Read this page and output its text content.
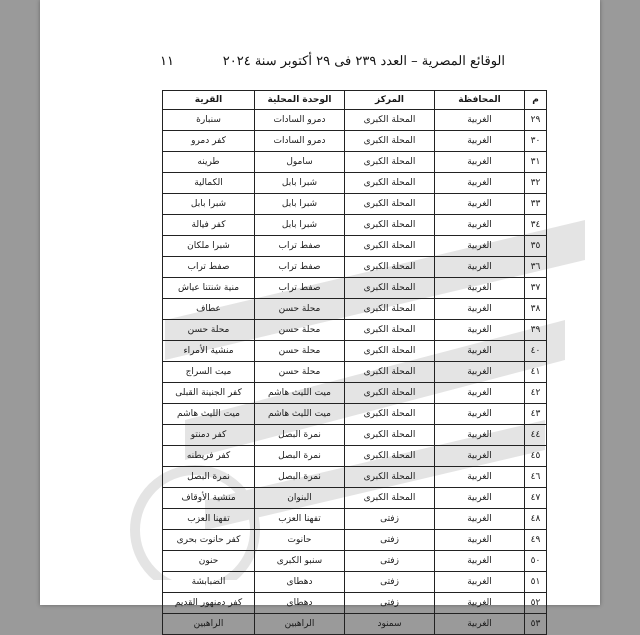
الوقائع المصرية – العدد ٢٣٩ فى ٢٩ أكتوبر سنة ٢٠٢٤
١١
م	المحافظة	المركز	الوحدة المحلية	القرية
٢٩	الغربية	المحلة الكبرى	دمرو السادات	سنبارة
٣٠	الغربية	المحلة الكبرى	دمرو السادات	كفر دمرو
٣١	الغربية	المحلة الكبرى	سامول	طرينه
٣٢	الغربية	المحلة الكبرى	شبرا بابل	الكمالية
٣٣	الغربية	المحلة الكبرى	شبرا بابل	شبرا بابل
٣٤	الغربية	المحلة الكبرى	شبرا بابل	كفر فيالة
٣٥	الغربية	المحلة الكبرى	صفط تراب	شبرا ملكان
٣٦	الغربية	المحلة الكبرى	صفط تراب	صفط تراب
٣٧	الغربية	المحلة الكبرى	صفط تراب	منية شنتنا عياش
٣٨	الغربية	المحلة الكبرى	محلة حسن	عطاف
٣٩	الغربية	المحلة الكبرى	محلة حسن	محلة حسن
٤٠	الغربية	المحلة الكبرى	محلة حسن	منشية الأمراء
٤١	الغربية	المحلة الكبرى	محلة حسن	ميت السراج
٤٢	الغربية	المحلة الكبرى	ميت الليث هاشم	كفر الجنينة القبلى
٤٣	الغربية	المحلة الكبرى	ميت الليث هاشم	ميت الليث هاشم
٤٤	الغربية	المحلة الكبرى	نمرة البصل	كفر دمنتو
٤٥	الغربية	المحلة الكبرى	نمرة البصل	كفر فريطنه
٤٦	الغربية	المحلة الكبرى	نمرة البصل	نمرة البصل
٤٧	الغربية	المحلة الكبرى	البنوان	منشية الأوقاف
٤٨	الغربية	زفتى	تفهنا العزب	تفهنا العزب
٤٩	الغربية	زفتى	حانوت	كفر حانوت بحرى
٥٠	الغربية	زفتى	سنبو الكبرى	حنون
٥١	الغربية	زفتى	دهطاى	الضبابشة
٥٢	الغربية	زفتى	دهطاى	كفر دمنهور القديم
٥٣	الغربية	سمنود	الراهبين	الراهبين
